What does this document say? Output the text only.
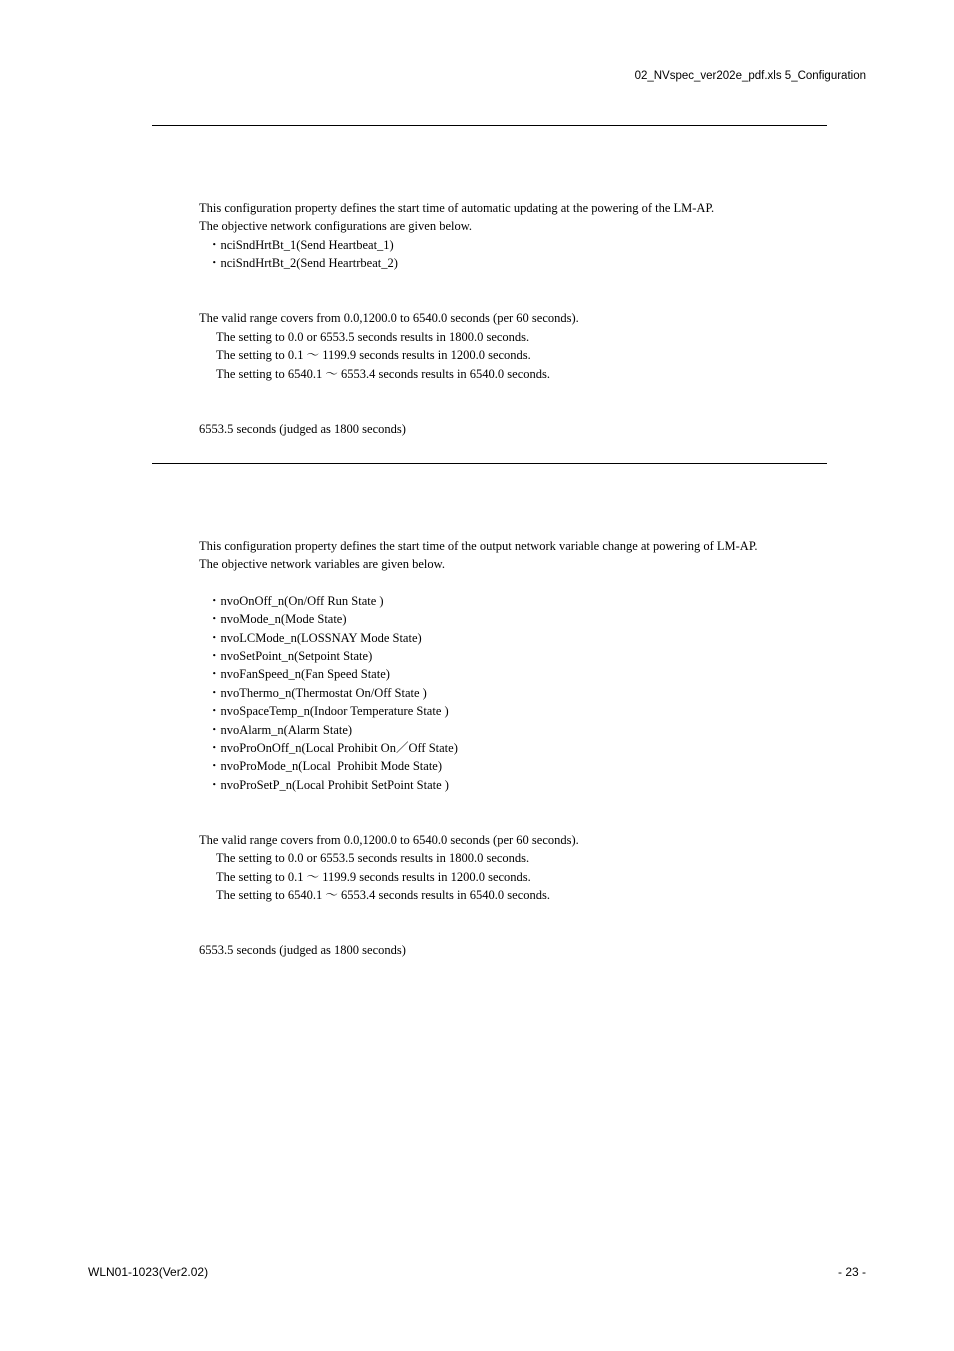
02_NVspec_ver202e_pdf.xls 5_Configuration
This configuration property defines the start time of automatic updating at the powering of the LM-AP.
The objective network configurations are given below.
・nciSndHrtBt_1(Send Heartbeat_1)
・nciSndHrtBt_2(Send Heartrbeat_2)
The valid range covers from 0.0,1200.0 to 6540.0 seconds (per 60 seconds).
The setting to 0.0 or 6553.5 seconds results in 1800.0 seconds.
The setting to 0.1 ～ 1199.9 seconds results in 1200.0 seconds.
The setting to 6540.1 ～ 6553.4 seconds results in 6540.0 seconds.
6553.5 seconds (judged as 1800 seconds)
This configuration property defines the start time of the output network variable change at powering of LM-AP.
The objective network variables are given below.
・nvoOnOff_n(On/Off Run State )
・nvoMode_n(Mode State)
・nvoLCMode_n(LOSSNAY Mode State)
・nvoSetPoint_n(Setpoint State)
・nvoFanSpeed_n(Fan Speed State)
・nvoThermo_n(Thermostat On/Off State )
・nvoSpaceTemp_n(Indoor Temperature State )
・nvoAlarm_n(Alarm State)
・nvoProOnOff_n(Local Prohibit On／Off State)
・nvoProMode_n(Local  Prohibit Mode State)
・nvoProSetP_n(Local Prohibit SetPoint State )
The valid range covers from 0.0,1200.0 to 6540.0 seconds (per 60 seconds).
The setting to 0.0 or 6553.5 seconds results in 1800.0 seconds.
The setting to 0.1 ～ 1199.9 seconds results in 1200.0 seconds.
The setting to 6540.1 ～ 6553.4 seconds results in 6540.0 seconds.
6553.5 seconds (judged as 1800 seconds)
WLN01-1023(Ver2.02)	- 23 -
